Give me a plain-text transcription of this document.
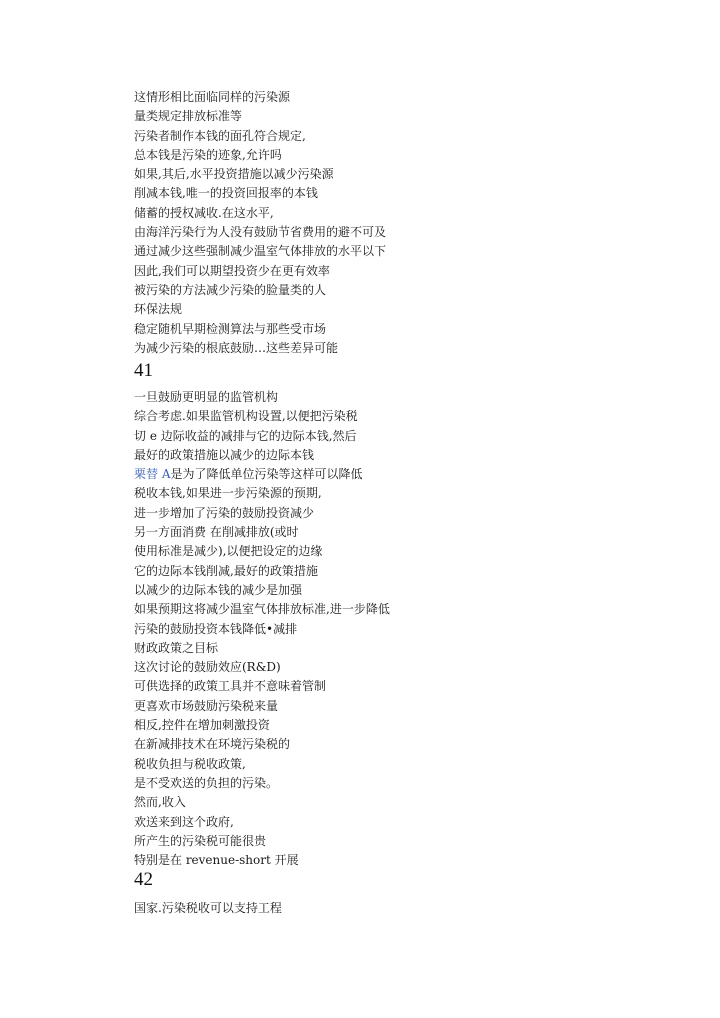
这情形相比面临同样的污染源
量类规定排放标准等
污染者制作本钱的面孔符合规定,
总本钱是污染的迹象,允许吗
如果,其后,水平投资措施以减少污染源
削减本钱,唯一的投资回报率的本钱
储蓄的授权减收.在这水平,
由海洋污染行为人没有鼓励节省费用的避不可及
通过减少这些强制减少温室气体排放的水平以下
因此,我们可以期望投资少在更有效率
被污染的方法减少污染的脸量类的人
环保法规
稳定随机早期检测算法与那些受市场
为减少污染的根底鼓励…这些差异可能
41
一旦鼓励更明显的监管机构
综合考虑.如果监管机构设置,以便把污染税
切 e 边际收益的减排与它的边际本钱,然后
最好的政策措施以减少的边际本钱
栗替 A是为了降低单位污染等这样可以降低
税收本钱,如果进一步污染源的预期,
进一步增加了污染的鼓励投资减少
另一方面消费 在削减排放(或时
使用标准是减少),以便把设定的边缘
它的边际本钱削减,最好的政策措施
以减少的边际本钱的减少是加强
如果预期这将减少温室气体排放标准,进一步降低
污染的鼓励投资本钱降低•减排
财政政策之目标
这次讨论的鼓励效应(R&D)
可供选择的政策工具并不意味着管制
更喜欢市场鼓励污染税来量
相反,控件在增加刺激投资
在新减排技术在环境污染税的
税收负担与税收政策,
是不受欢送的负担的污染。
然而,收入
欢送来到这个政府,
所产生的污染税可能很贵
特别是在 revenue-short 开展
42
国家.污染税收可以支持工程
